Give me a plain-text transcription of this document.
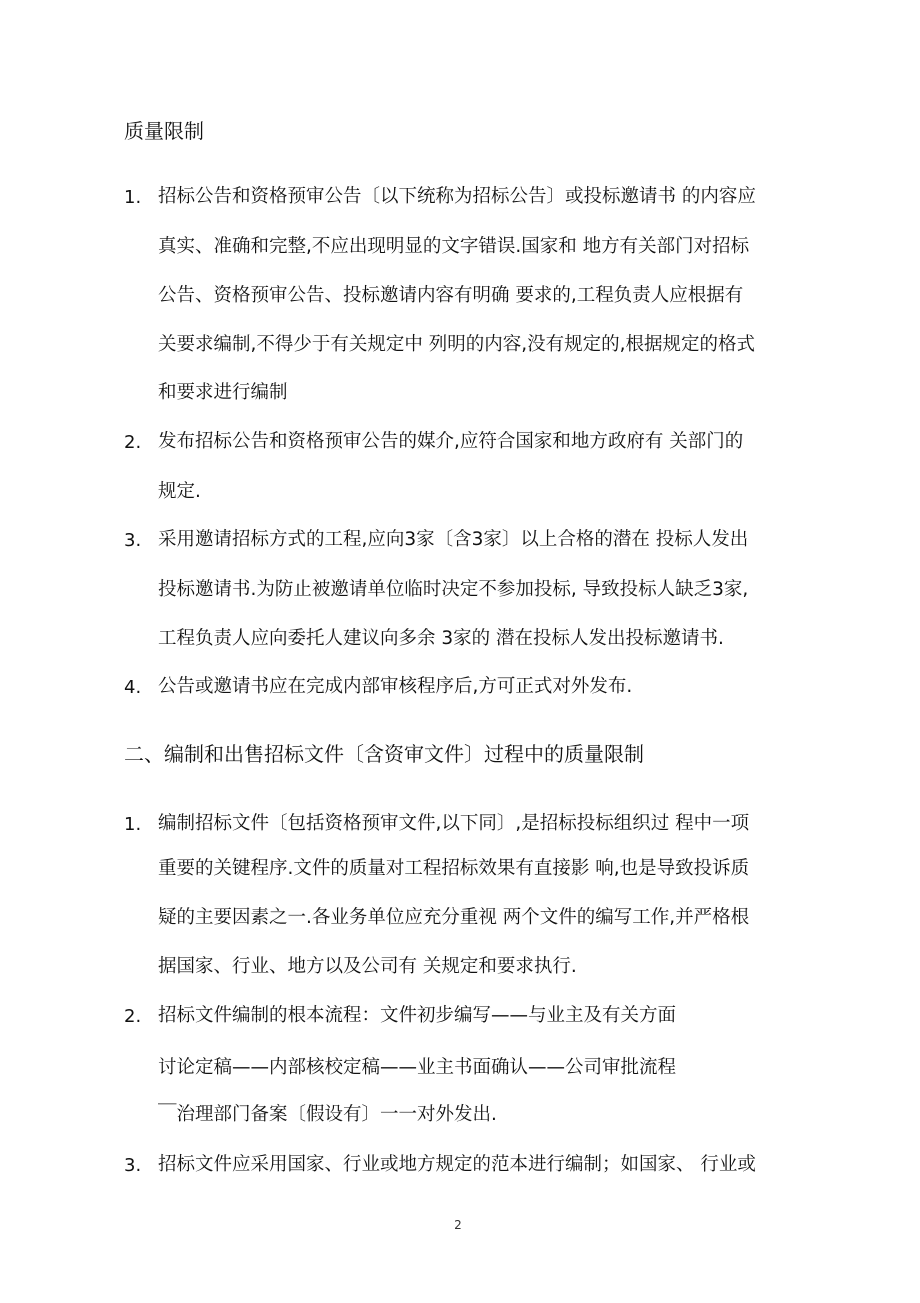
质量限制
1. 招标公告和资格预审公告〔以下统称为招标公告〕或投标邀请书 的内容应
真实、准确和完整,不应出现明显的文字错误.国家和 地方有关部门对招标
公告、资格预审公告、投标邀请内容有明确 要求的,工程负责人应根据有
关要求编制,不得少于有关规定中 列明的内容,没有规定的,根据规定的格式
和要求进行编制
2. 发布招标公告和资格预审公告的媒介,应符合国家和地方政府有 关部门的
规定.
3. 采用邀请招标方式的工程,应向3家〔含3家〕以上合格的潜在 投标人发出
投标邀请书.为防止被邀请单位临时决定不参加投标, 导致投标人缺乏3家,
工程负责人应向委托人建议向多余 3家的 潜在投标人发出投标邀请书.
4. 公告或邀请书应在完成内部审核程序后,方可正式对外发布.
二、编制和出售招标文件〔含资审文件〕过程中的质量限制
1. 编制招标文件〔包括资格预审文件,以下同〕,是招标投标组织过 程中一项
重要的关键程序.文件的质量对工程招标效果有直接影 响,也是导致投诉质
疑的主要因素之一.各业务单位应充分重视 两个文件的编写工作,并严格根
据国家、行业、地方以及公司有 关规定和要求执行.
2. 招标文件编制的根本流程：文件初步编写——与业主及有关方面
讨论定稿——内部核校定稿——业主书面确认——公司审批流程
￣治理部门备案〔假设有〕一一对外发出.
3. 招标文件应采用国家、行业或地方规定的范本进行编制；如国家、 行业或
2
